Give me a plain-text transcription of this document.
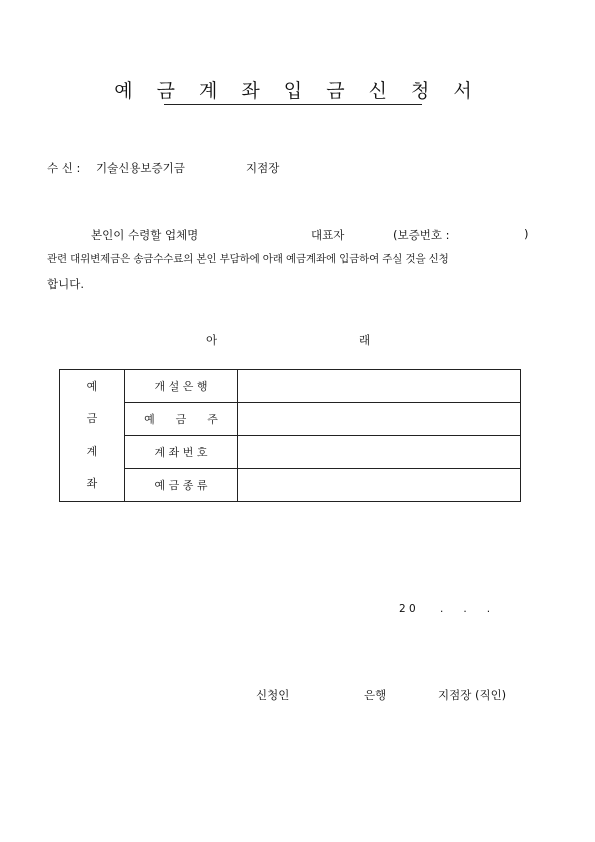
예 금 계 좌 입 금 신 청 서
수 신 : 기술신용보증기금	지점장
본인이 수령할 업체명	대표자	(보증번호 :	)
관련 대위변제금은 송금수수료의 본인 부담하에 아래 예금계좌에 입금하여 주실 것을 신청
합니다.
아	래
예
금
계
좌	개 설 은 행	
	예      금      주	
	계 좌 번 호	
	예 금 종 류	
2 0 .      .      .
신청인	은행	지점장 (직인)
